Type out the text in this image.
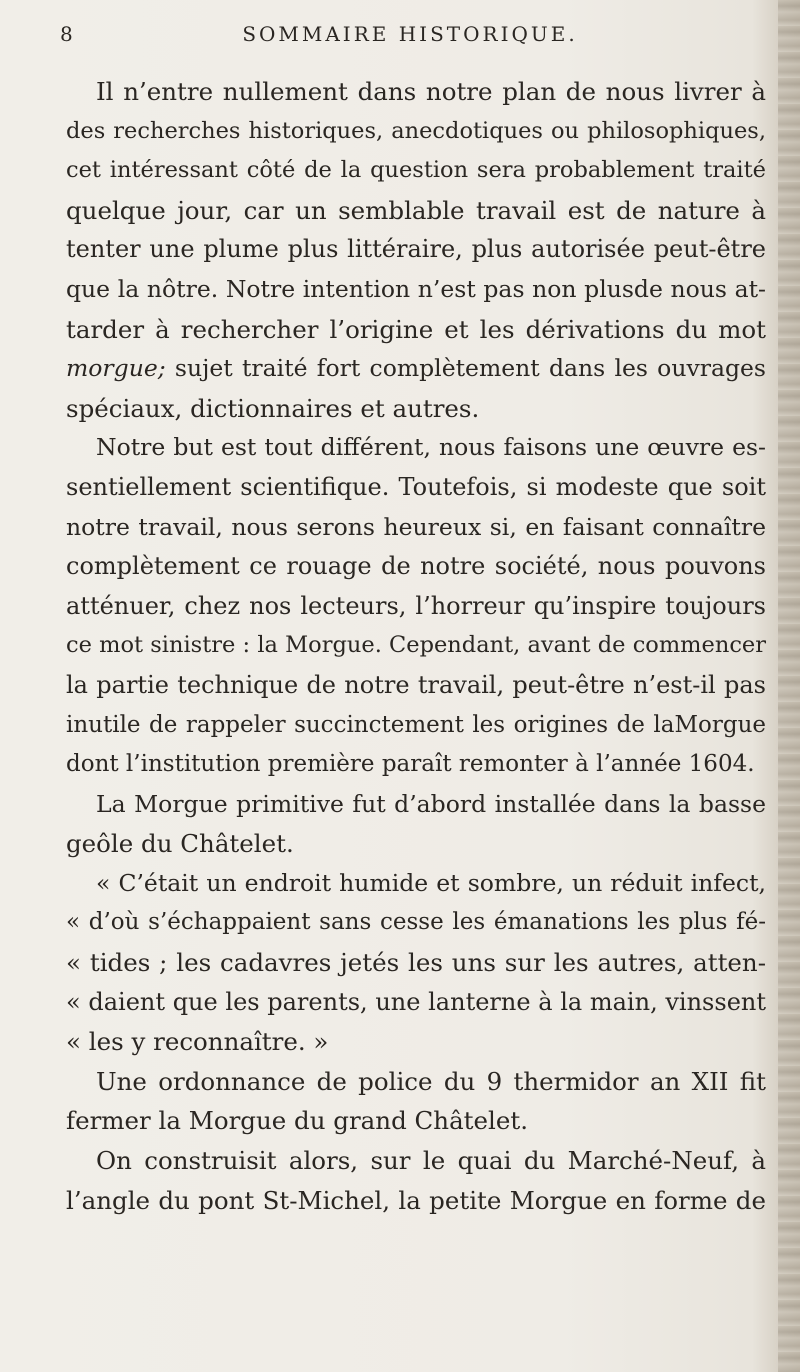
8	SOMMAIRE HISTORIQUE.
Il n’entre nullement dans notre plan de nous livrer à
des recherches historiques, anecdotiques ou philosophiques,
cet intéressant côté de la question sera probablement traité
quelque jour, car un semblable travail est de nature à
tenter une plume plus littéraire, plus autorisée peut-être
que la nôtre. Notre intention n’est pas non plusde nous at-
tarder à rechercher l’origine et les dérivations du mot
morgue; sujet traité fort complètement dans les ouvrages
spéciaux, dictionnaires et autres.
Notre but est tout différent, nous faisons une œuvre es-
sentiellement scientifique. Toutefois, si modeste que soit
notre travail, nous serons heureux si, en faisant connaître
complètement ce rouage de notre société, nous pouvons
atténuer, chez nos lecteurs, l’horreur qu’inspire toujours
ce mot sinistre : la Morgue. Cependant, avant de commencer
la partie technique de notre travail, peut-être n’est-il pas
inutile de rappeler succinctement les origines de laMorgue
dont l’institution première paraît remonter à l’année 1604.
La Morgue primitive fut d’abord installée dans la basse
geôle du Châtelet.
« C’était un endroit humide et sombre, un réduit infect,
« d’où s’échappaient sans cesse les émanations les plus fé-
« tides ; les cadavres jetés les uns sur les autres, atten-
« daient que les parents, une lanterne à la main, vinssent
« les y reconnaître. »
Une ordonnance de police du 9 thermidor an XII fit
fermer la Morgue du grand Châtelet.
On construisit alors, sur le quai du Marché-Neuf, à
l’angle du pont St-Michel, la petite Morgue en forme de
